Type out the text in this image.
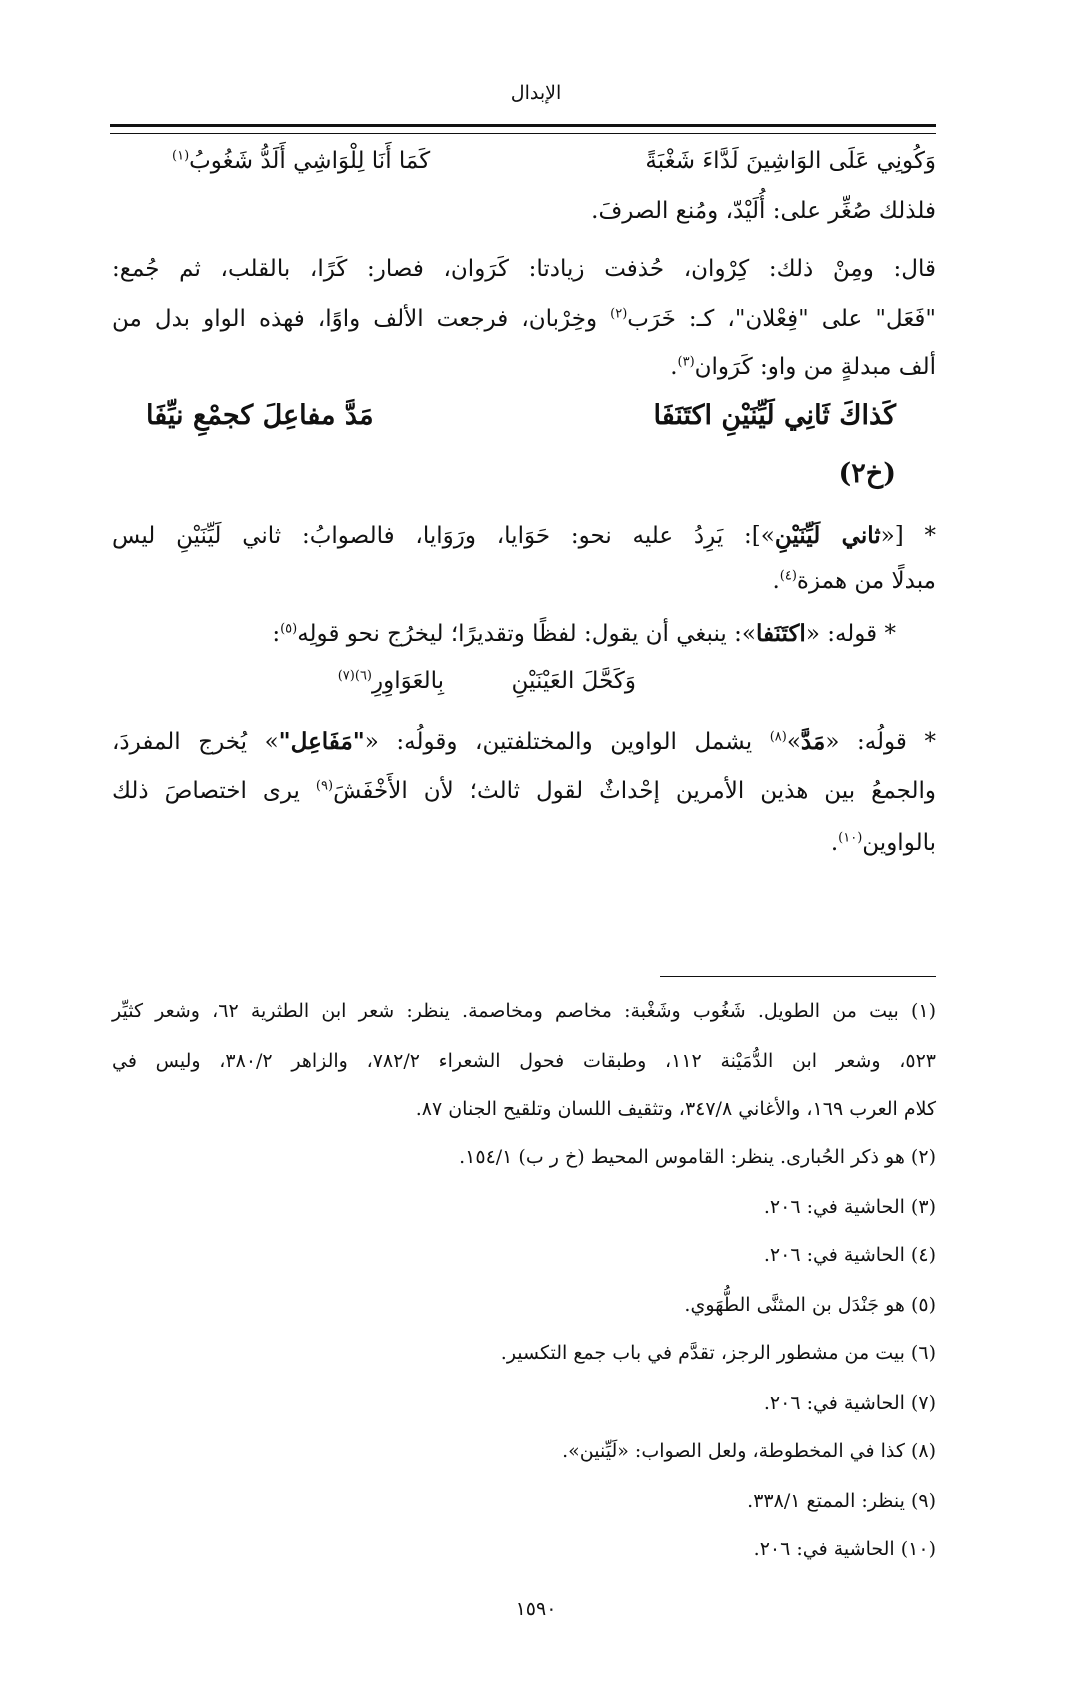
الإبدال
وَكُونِي عَلَى الوَاشِينَ لَدَّاءَ شَغْبَةً
كَمَا أَنَا لِلْوَاشِي أَلَدُّ شَغُوبُ$^{(١)}$
فلذلك صُغِّر على: أُلَيْدّ، ومُنع الصرفَ.
قال: ومِنْ ذلك: كِرْوان، حُذفت زيادتا: كَرَوان، فصار: كَرًا، بالقلب، ثم جُمع:
"فَعَل" على "فِعْلان"، كـ: خَرَب$^{(٢)}$ وخِرْبان، فرجعت الألف واوًا، فهذه الواو بدل من
ألف مبدلةٍ من واو: كَرَوان$^{(٣)}$.
كَذاكَ ثَانِي لَيِّنَيْنِ اكتَنَفَا
مَدَّ مفاعِلَ كجمْعِ نيِّفَا
(خ٢)
* [«ثاني لَيِّنَيْنِ»]: يَرِدُ عليه نحو: حَوَايا، ورَوَايا، فالصوابُ: ثاني لَيِّنَيْنِ ليس
مبدلًا من همزة$^{(٤)}$.
* قوله: «اكتَنَفا»: ينبغي أن يقول: لفظًا وتقديرًا؛ ليخرُج نحو قولِه$^{(٥)}$:
وَكَحَّلَ العَيْنَيْنِ
بِالعَوَاوِرِ$^{(٦)(٧)}$
* قولُه: «مَدَّ»$^{(٨)}$ يشمل الواوين والمختلفتين، وقولُه: «"مَفَاعِل"» يُخرج المفردَ،
والجمعُ بين هذين الأمرين إحْداثٌ لقول ثالث؛ لأن الأَخْفَشَ$^{(٩)}$ يرى اختصاصَ ذلك
بالواوين$^{(١٠)}$.
(١) بيت من الطويل. شَغُوب وشَغْبة: مخاصم ومخاصمة. ينظر: شعر ابن الطثرية ٦٢، وشعر كثيِّر
٥٢٣، وشعر ابن الدُّمَيْنة ١١٢، وطبقات فحول الشعراء ٧٨٢/٢، والزاهر ٣٨٠/٢، وليس في
كلام العرب ١٦٩، والأغاني ٣٤٧/٨، وتثقيف اللسان وتلقيح الجنان ٨٧.
(٢) هو ذكر الحُبارى. ينظر: القاموس المحيط (خ ر ب) ١٥٤/١.
(٣) الحاشية في: ٢٠٦.
(٤) الحاشية في: ٢٠٦.
(٥) هو جَنْدَل بن المثنَّى الطُّهَوي.
(٦) بيت من مشطور الرجز، تقدَّم في باب جمع التكسير.
(٧) الحاشية في: ٢٠٦.
(٨) كذا في المخطوطة، ولعل الصواب: «لَيِّنين».
(٩) ينظر: الممتع ٣٣٨/١.
(١٠) الحاشية في: ٢٠٦.
١٥٩٠
